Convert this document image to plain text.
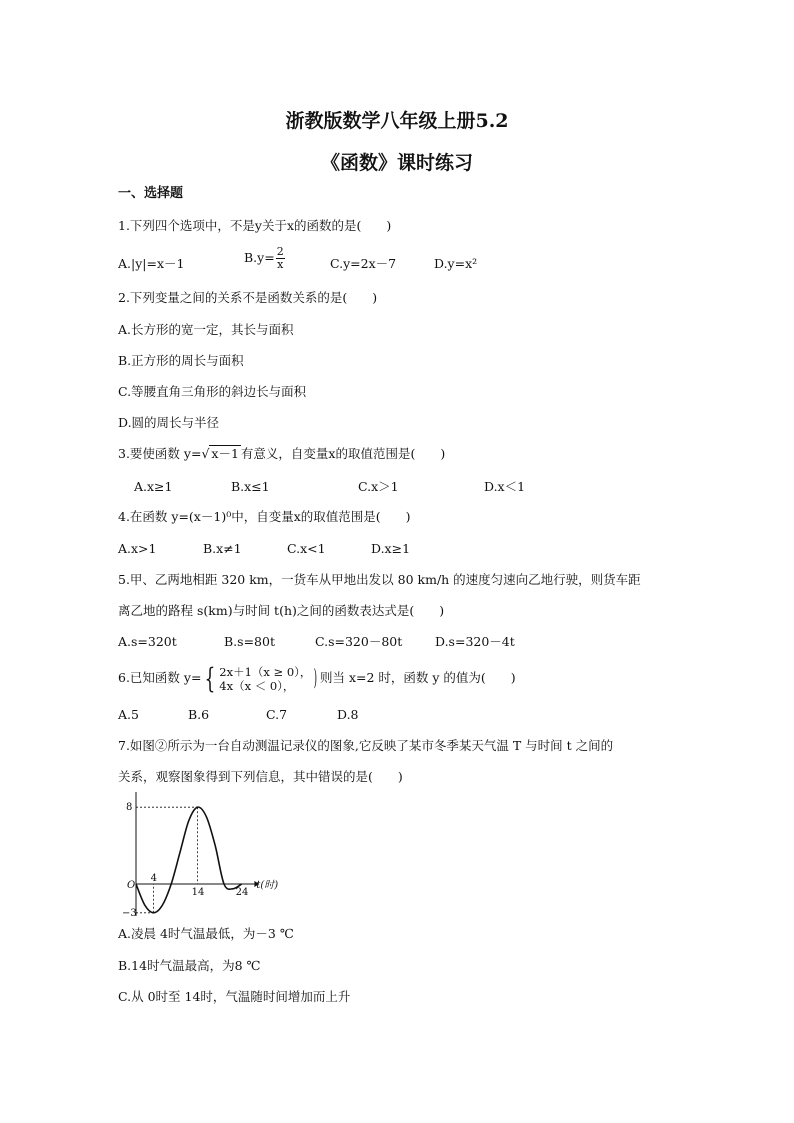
浙教版数学八年级上册5.2
《函数》课时练习
一、选择题
1.下列四个选项中，不是y关于x的函数的是(　　)
A.|y|=x－1	$B.y= \frac{2}{x}$	C.y=2x－7	D.y=x²
2.下列变量之间的关系不是函数关系的是(　　)
A.长方形的宽一定，其长与面积
B.正方形的周长与面积
C.等腰直角三角形的斜边长与面积
D.圆的周长与半径
3.要使函数 y=√ x－1 有意义，自变量x的取值范围是(　　)
A.x≥1	B.x≤1	C.x＞1	D.x＜1
4.在函数 y=(x－1)⁰中，自变量x的取值范围是(　　)
A.x>1	B.x≠1	C.x<1	D.x≥1
5.甲、乙两地相距 320 km，一货车从甲地出发以 80 km/h 的速度匀速向乙地行驶，则货车距
离乙地的路程 s(km)与时间 t(h)之间的函数表达式是(　　)
A.s=320t	B.s=80t	C.s=320－80t	D.s=320－4t
6.已知函数 y= { 2x＋1（x ≥ 0），
4x（x ＜ 0）， ) 则当 x=2 时，函数 y 的值为(　　)
A.5	B.6	C.7	D.8
7.如图②所示为一台自动测温记录仪的图象,它反映了某市冬季某天气温 T 与时间 t 之间的
关系，观察图象得到下列信息，其中错误的是(　　)
t(时)
O
4
14	24
8
−3
A.凌晨 4时气温最低，为－3 ℃
B.14时气温最高，为8 ℃
C.从 0时至 14时，气温随时间增加而上升
